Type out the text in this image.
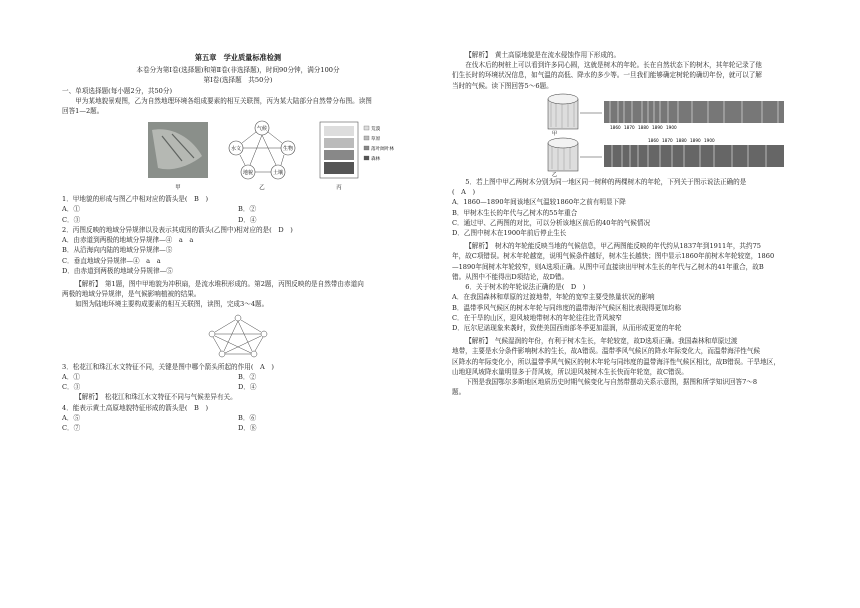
第五章　学业质量标准检测

本卷分为第Ⅰ卷(选择题)和第Ⅱ卷(非选择题)，时间90分钟，满分100分

第Ⅰ卷(选择题　共50分)

一、单项选择题(每小题2分，共50分)

甲为某地貌景观图，乙为自然地理环境各组成要素的相互关联图，丙为某大陆部分自然带分布图。读图

回答1—2题。

气候
水文	生物
地貌	土壤
荒漠
草原
落叶阔叶林
森林
甲	乙	丙

1．甲地貌的形成与图乙中相对应的箭头是(　B　)

A．①	B．②
C．③	D．④

2．丙图反映的地域分异规律以及表示其成因的箭头(乙图中)相对应的是(　D　)

A．由赤道到两极的地域分异规律—④　a　a

B．从沿海向内陆的地域分异规律—⑤

C．垂直地域分异规律—④　a　a

D．由赤道到两极的地域分异规律—⑤

【解析】　第1题，图中甲地貌为冲积扇，是流水堆积形成的。第2题，丙图反映的是自然带由赤道向

两极的地域分异规律，是气候影响植被的结果。

如图为陆地环境主要构成要素的相互关联图，读图，完成3～4题。

3．松花江和珠江水文特征不同，关键是图中哪个箭头所起的作用(　A　)

A．①	B．②
C．③	D．④

【解析】　松花江和珠江水文特征不同与气候差异有关。

4．能表示黄土高原地貌特征形成的箭头是(　B　)

A．⑤	B．⑥
C．⑦	D．⑧

【解析】　黄土高原地貌是在流水侵蚀作用下形成的。

在伐木后的树桩上可以看到许多同心圆，这就是树木的年轮。长在自然状态下的树木，其年轮记录了他

们生长时的环境状况信息，如气温的高低、降水的多少等。一旦我们能够确定树轮的确切年份，就可以了解

当时的气候。读下图回答5～6题。

1860 1870 1880 1890 1900
甲
1860 1870 1880 1890 1900
乙

5．若上图中甲乙两树木分别为同一地区同一树种的两棵树木的年轮，下列关于图示说法正确的是

(　A　)

A．1860—1890年间该地区气温较1860年之前有明显下降

B．甲树木生长的年代与乙树木的55年重合

C．通过甲、乙两图的对比，可以分析该地区前后的40年的气候情况

D．乙图中树木在1900年前后停止生长

【解析】　树木的年轮能反映当地的气候信息，甲乙两图能反映的年代约从1837年到1911年，共约75

年，故C项错误。树木年轮越宽，说明气候条件越好，树木生长越快；图中显示1860年前树木年轮较宽，1860

—1890年间树木年轮较窄，则A选项正确。从图中可直接读出甲树木生长的年代与乙树木的41年重合，故B

错。从图中不能得出D项结论，故D错。

6．关于树木的年轮说法正确的是(　D　)

A．在我国森林和草原的过渡地带，年轮的宽窄主要受热量状况的影响

B．温带季风气候区的树木年轮与同纬度的温带海洋气候区相比表现得更加均称

C．在干旱的山区，迎风坡地带树木的年轮往往比背风坡窄

D．厄尔尼诺现象来袭时，致使美国西南部冬季更加湿润，从而形成更宽的年轮

【解析】　气候湿润的年份，有利于树木生长，年轮较宽，故D选项正确。我国森林和草原过渡

地带，主要是水分条件影响树木的生长，故A错误。温带季风气候区的降水年际变化大，而温带海洋性气候

区降水的年际变化小，所以温带季风气候区的树木年轮与同纬度的温带海洋性气候区相比，故B错误。干旱地区，

山地迎风坡降水量明显多于背风坡，所以迎风坡树木生长快而年轮宽，故C错误。

下图是我国鄂尔多斯地区地质历史时期气候变化与自然带摆动关系示意图，据图和所学知识回答7～8

题。
